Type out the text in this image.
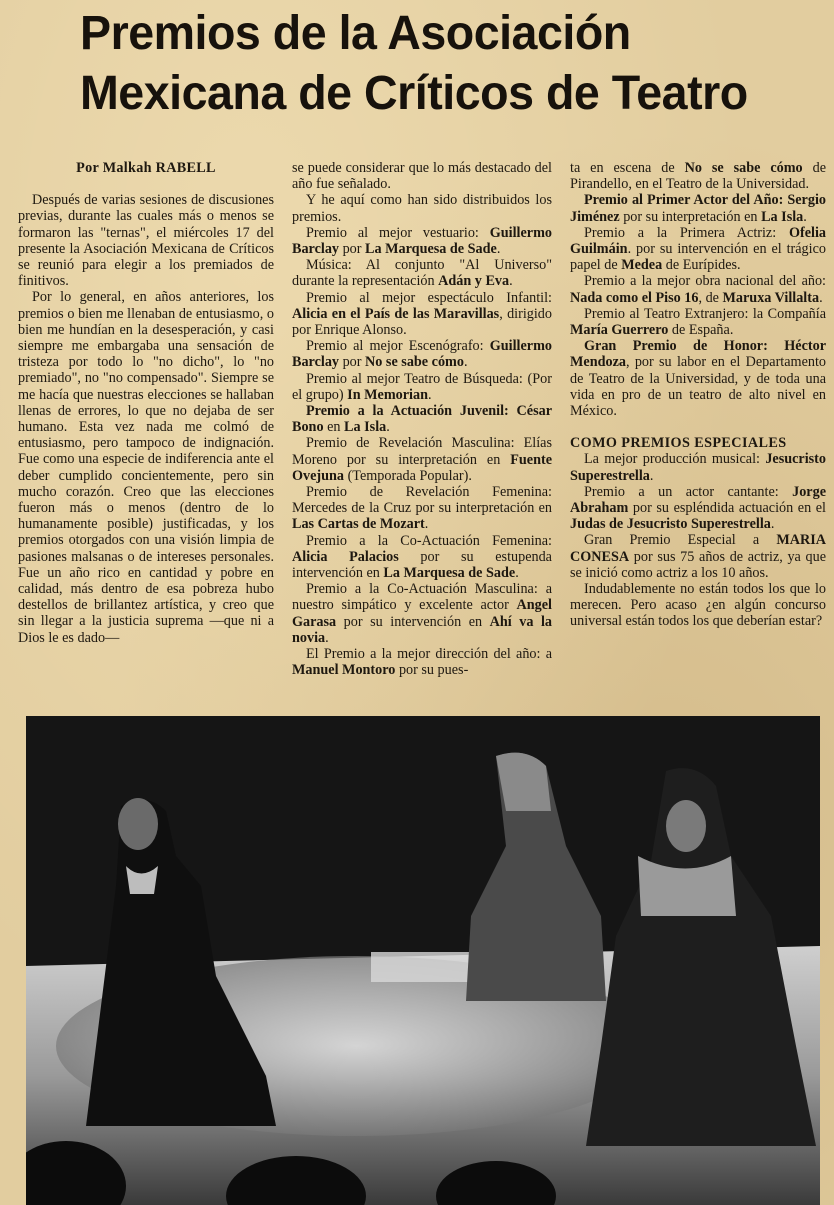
Premios de la Asociación
Mexicana de Críticos de Teatro

Por Malkah RABELL

Después de varias sesiones de discusiones previas, durante las cuales más o menos se formaron las "ternas", el miércoles 17 del presente la Asociación Mexicana de Críticos se reunió para elegir a los premiados de finitivos.

Por lo general, en años anteriores, los premios o bien me llenaban de entusiasmo, o bien me hundían en la desesperación, y casi siempre me embargaba una sensación de tristeza por todo lo "no dicho", lo "no premiado", no "no compensado". Siempre se me hacía que nuestras elecciones se hallaban llenas de errores, lo que no dejaba de ser humano. Esta vez nada me colmó de entusiasmo, pero tampoco de indignación. Fue como una especie de indiferencia ante el deber cumplido concientemente, pero sin mucho corazón. Creo que las elecciones fueron más o menos (dentro de lo humanamente posible) justificadas, y los premios otorgados con una visión limpia de pasiones malsanas o de intereses personales. Fue un año rico en cantidad y pobre en calidad, más dentro de esa pobreza hubo destellos de brillantez artística, y creo que sin llegar a la justicia suprema —que ni a Dios le es dado—

se puede considerar que lo más destacado del año fue señalado.

Y he aquí como han sido distribuidos los premios.

Premio al mejor vestuario: Guillermo Barclay por La Marquesa de Sade.

Música: Al conjunto "Al Universo" durante la representación Adán y Eva.

Premio al mejor espectáculo Infantil: Alicia en el País de las Maravillas, dirigido por Enrique Alonso.

Premio al mejor Escenógrafo: Guillermo Barclay por No se sabe cómo.

Premio al mejor Teatro de Búsqueda: (Por el grupo) In Memorian.

Premio a la Actuación Juvenil: César Bono en La Isla.

Premio de Revelación Masculina: Elías Moreno por su interpretación en Fuente Ovejuna (Temporada Popular).

Premio de Revelación Femenina: Mercedes de la Cruz por su interpretación en Las Cartas de Mozart.

Premio a la Co-Actuación Femenina: Alicia Palacios por su estupenda intervención en La Marquesa de Sade.

Premio a la Co-Actuación Masculina: a nuestro simpático y excelente actor Angel Garasa por su intervención en Ahí va la novia.

El Premio a la mejor dirección del año: a Manuel Montoro por su pues-

ta en escena de No se sabe cómo de Pirandello, en el Teatro de la Universidad.

Premio al Primer Actor del Año: Sergio Jiménez por su interpretación en La Isla.

Premio a la Primera Actriz: Ofelia Guilmáin. por su intervención en el trágico papel de Medea de Eurípides.

Premio a la mejor obra nacional del año: Nada como el Piso 16, de Maruxa Villalta.

Premio al Teatro Extranjero: la Compañía María Guerrero de España.

Gran Premio de Honor: Héctor Mendoza, por su labor en el Departamento de Teatro de la Universidad, y de toda una vida en pro de un teatro de alto nivel en México.

COMO PREMIOS ESPECIALES

La mejor producción musical: Jesucristo Superestrella.

Premio a un actor cantante: Jorge Abraham por su espléndida actuación en el Judas de Jesucristo Superestrella.

Gran Premio Especial a MARIA CONESA por sus 75 años de actriz, ya que se inició como actriz a los 10 años.

Indudablemente no están todos los que lo merecen. Pero acaso ¿en algún concurso universal están todos los que deberían estar?
